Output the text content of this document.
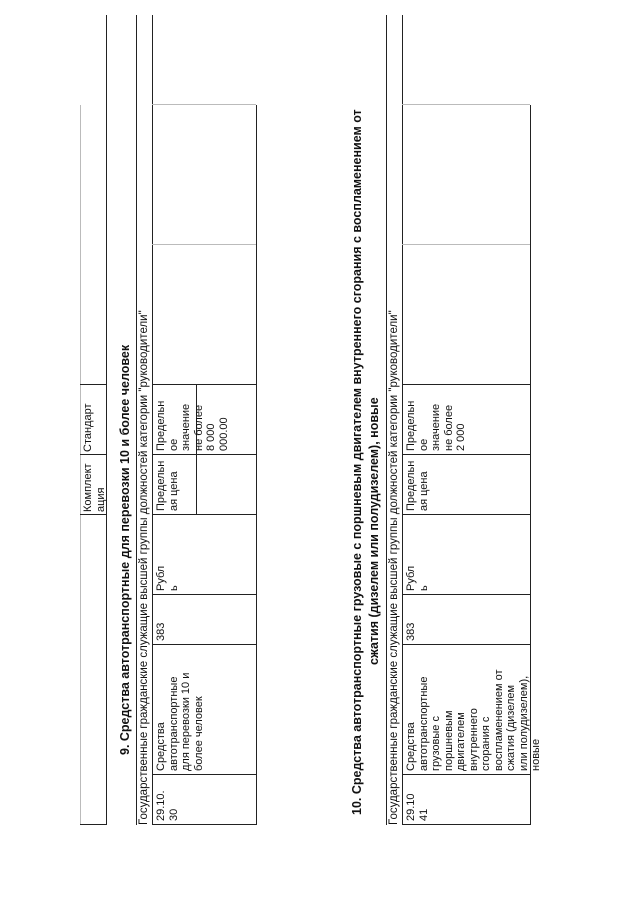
Комплект
ация
Стандарт 9. Средства автотранспортные для перевозки 10 и более человек Государственные гражданские служащие высшей группы должностей категории "руководители" 29.10.
30
Средства
автотранспортные
для перевозки 10 и
более человек
383
Рубл
ь
Предельн
ая цена
Предельн
ое
значение
не более
8 000
000.00	10. Средства автотранспортные грузовые с поршневым двигателем внутреннего сгорания с воспламенением от сжатия (дизелем или полудизелем), новые Государственные гражданские служащие высшей группы должностей категории "руководители" 29.10
41
Средства
автотранспортные
грузовые с
поршневым
двигателем
внутреннего
сгорания с
воспламенением от
сжатия (дизелем
или полудизелем),
новые
383
Рубл
ь
Предельн
ая цена
Предельн
ое
значение
не более
2 000
